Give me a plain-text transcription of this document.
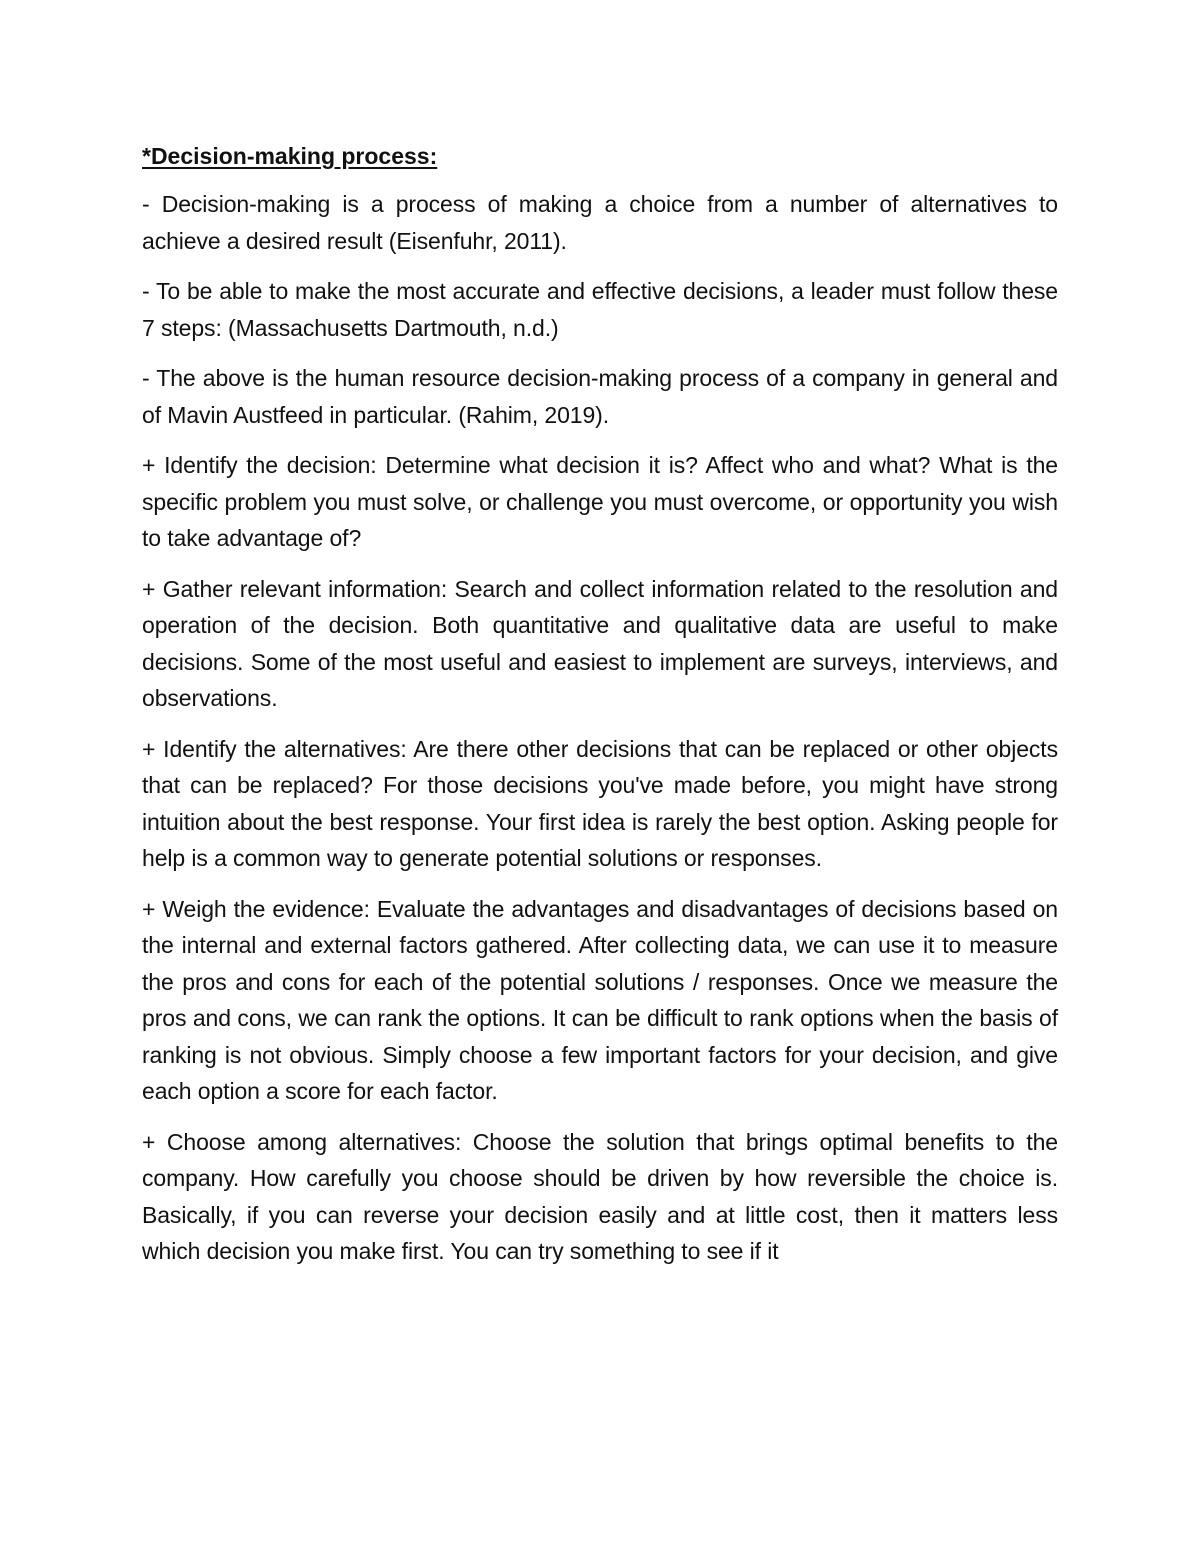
*Decision-making process:

- Decision-making is a process of making a choice from a number of alternatives to achieve a desired result (Eisenfuhr, 2011).

- To be able to make the most accurate and effective decisions, a leader must follow these 7 steps: (Massachusetts Dartmouth, n.d.)

- The above is the human resource decision-making process of a company in general and of Mavin Austfeed in particular. (Rahim, 2019).

+ Identify the decision: Determine what decision it is? Affect who and what? What is the specific problem you must solve, or challenge you must overcome, or opportunity you wish to take advantage of?

+ Gather relevant information: Search and collect information related to the resolution and operation of the decision. Both quantitative and qualitative data are useful to make decisions. Some of the most useful and easiest to implement are surveys, interviews, and observations.

+ Identify the alternatives: Are there other decisions that can be replaced or other objects that can be replaced? For those decisions you've made before, you might have strong intuition about the best response. Your first idea is rarely the best option. Asking people for help is a common way to generate potential solutions or responses.

+ Weigh the evidence: Evaluate the advantages and disadvantages of decisions based on the internal and external factors gathered. After collecting data, we can use it to measure the pros and cons for each of the potential solutions / responses. Once we measure the pros and cons, we can rank the options. It can be difficult to rank options when the basis of ranking is not obvious. Simply choose a few important factors for your decision, and give each option a score for each factor.

+ Choose among alternatives: Choose the solution that brings optimal benefits to the company. How carefully you choose should be driven by how reversible the choice is. Basically, if you can reverse your decision easily and at little cost, then it matters less which decision you make first. You can try something to see if it
